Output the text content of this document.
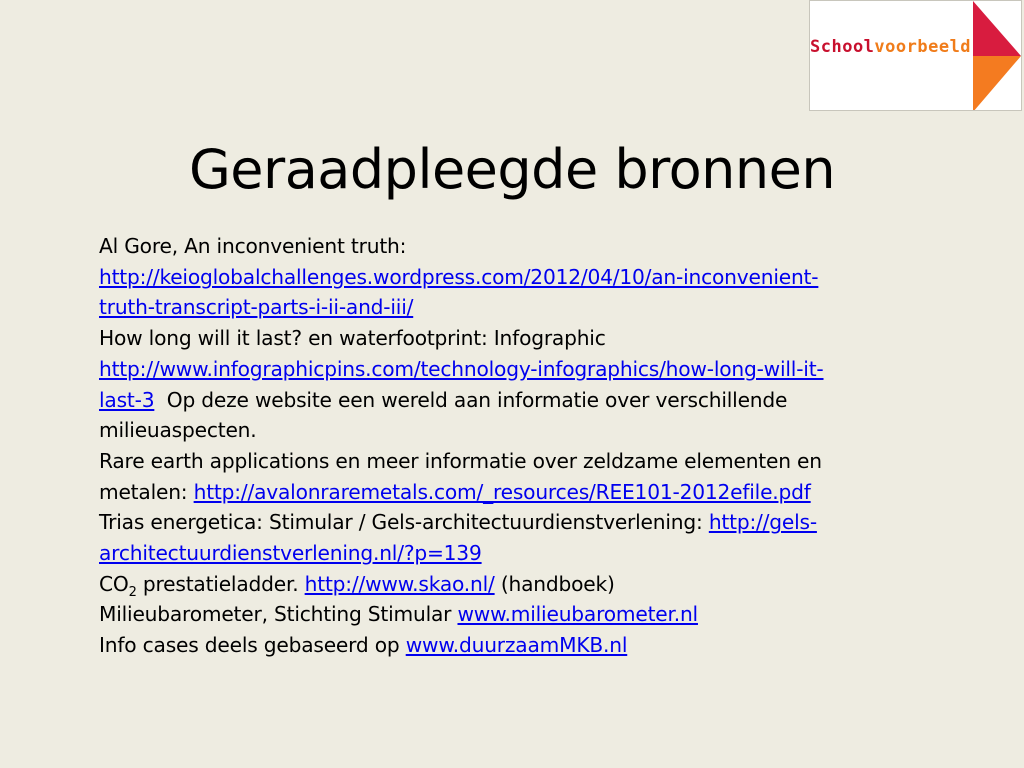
Schoolvoorbeeld
Geraadpleegde bronnen
Al Gore, An inconvenient truth:
http://keioglobalchallenges.wordpress.com/2012/04/10/an-inconvenient-
truth-transcript-parts-i-ii-and-iii/
How long will it last? en waterfootprint: Infographic
http://www.infographicpins.com/technology-infographics/how-long-will-it-
last-3 Op deze website een wereld aan informatie over verschillende
milieuaspecten.
Rare earth applications en meer informatie over zeldzame elementen en
metalen: http://avalonraremetals.com/_resources/REE101-2012efile.pdf
Trias energetica: Stimular / Gels-architectuurdienstverlening: http://gels-
architectuurdienstverlening.nl/?p=139
$CO_2$ prestatieladder. http://www.skao.nl/ (handboek)
Milieubarometer, Stichting Stimular www.milieubarometer.nl
Info cases deels gebaseerd op www.duurzaamMKB.nl
